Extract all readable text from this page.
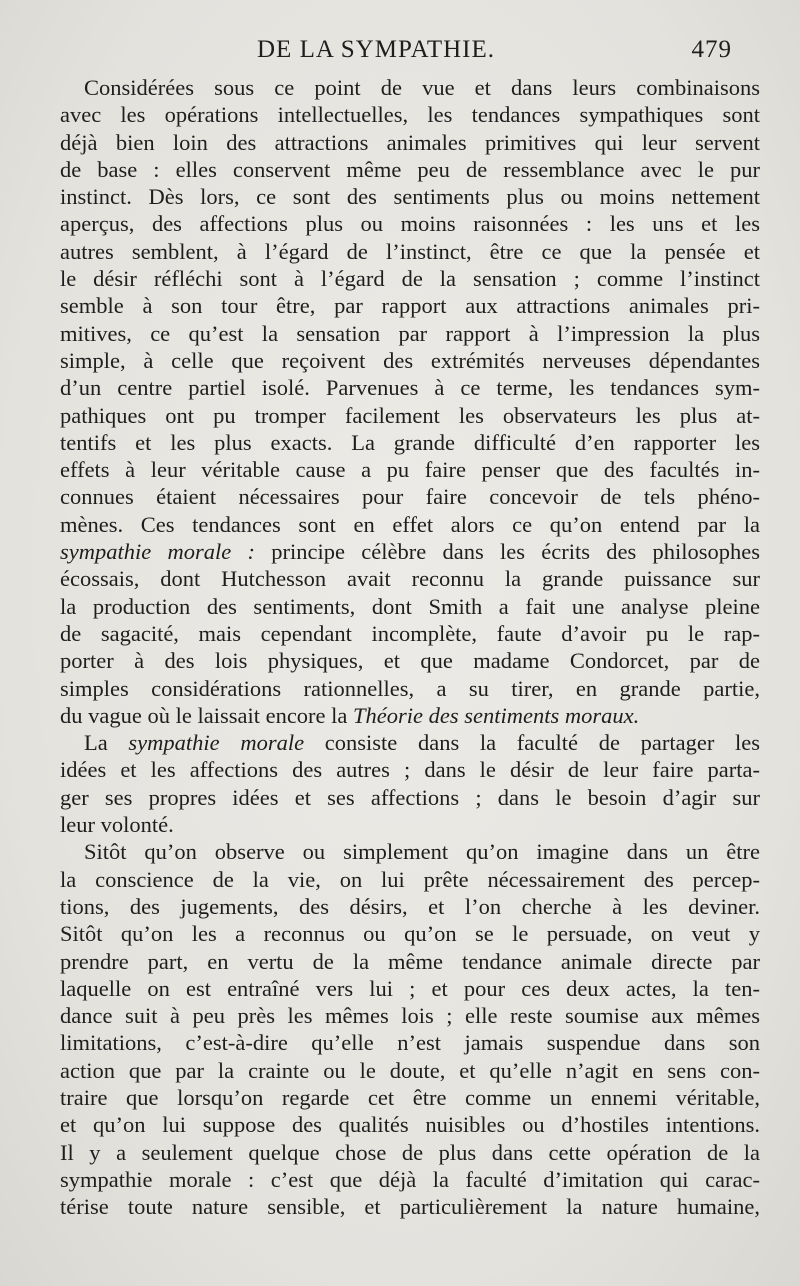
DE LA SYMPATHIE.	479
Considérées sous ce point de vue et dans leurs combinaisons
avec les opérations intellectuelles, les tendances sympathiques sont
déjà bien loin des attractions animales primitives qui leur servent
de base : elles conservent même peu de ressemblance avec le pur
instinct. Dès lors, ce sont des sentiments plus ou moins nettement
aperçus, des affections plus ou moins raisonnées : les uns et les
autres semblent, à l’égard de l’instinct, être ce que la pensée et
le désir réfléchi sont à l’égard de la sensation ; comme l’instinct
semble à son tour être, par rapport aux attractions animales pri-
mitives, ce qu’est la sensation par rapport à l’impression la plus
simple, à celle que reçoivent des extrémités nerveuses dépendantes
d’un centre partiel isolé. Parvenues à ce terme, les tendances sym-
pathiques ont pu tromper facilement les observateurs les plus at-
tentifs et les plus exacts. La grande difficulté d’en rapporter les
effets à leur véritable cause a pu faire penser que des facultés in-
connues étaient nécessaires pour faire concevoir de tels phéno-
mènes. Ces tendances sont en effet alors ce qu’on entend par la
sympathie morale : principe célèbre dans les écrits des philosophes
écossais, dont Hutchesson avait reconnu la grande puissance sur
la production des sentiments, dont Smith a fait une analyse pleine
de sagacité, mais cependant incomplète, faute d’avoir pu le rap-
porter à des lois physiques, et que madame Condorcet, par de
simples considérations rationnelles, a su tirer, en grande partie,
du vague où le laissait encore la Théorie des sentiments moraux.
La sympathie morale consiste dans la faculté de partager les
idées et les affections des autres ; dans le désir de leur faire parta-
ger ses propres idées et ses affections ; dans le besoin d’agir sur
leur volonté.
Sitôt qu’on observe ou simplement qu’on imagine dans un être
la conscience de la vie, on lui prête nécessairement des percep-
tions, des jugements, des désirs, et l’on cherche à les deviner.
Sitôt qu’on les a reconnus ou qu’on se le persuade, on veut y
prendre part, en vertu de la même tendance animale directe par
laquelle on est entraîné vers lui ; et pour ces deux actes, la ten-
dance suit à peu près les mêmes lois ; elle reste soumise aux mêmes
limitations, c’est-à-dire qu’elle n’est jamais suspendue dans son
action que par la crainte ou le doute, et qu’elle n’agit en sens con-
traire que lorsqu’on regarde cet être comme un ennemi véritable,
et qu’on lui suppose des qualités nuisibles ou d’hostiles intentions.
Il y a seulement quelque chose de plus dans cette opération de la
sympathie morale : c’est que déjà la faculté d’imitation qui carac-
térise toute nature sensible, et particulièrement la nature humaine,
